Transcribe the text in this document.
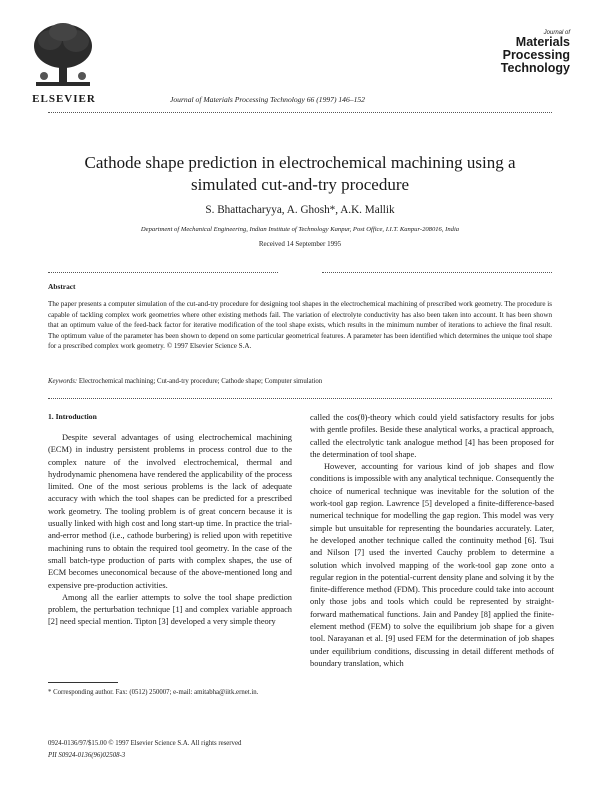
ELSEVIER	Journal of Materials Processing Technology 66 (1997) 146–152
Journal of
Materials
Processing
Technology
Cathode shape prediction in electrochemical machining using a
simulated cut-and-try procedure
S. Bhattacharyya, A. Ghosh*, A.K. Mallik
Department of Mechanical Engineering, Indian Institute of Technology Kanpur, Post Office, I.I.T. Kanpur-208016, India
Received 14 September 1995
Abstract
The paper presents a computer simulation of the cut-and-try procedure for designing tool shapes in the electrochemical machining of prescribed work geometry. The procedure is capable of tackling complex work geometries where other existing methods fail. The variation of electrolyte conductivity has also been taken into account. It has been shown that an optimum value of the feed-back factor for iterative modification of the tool shape exists, which results in the minimum number of iterations to achieve the final result. The optimum value of the parameter has been shown to depend on some particular geometrical features. A parameter has been identified which determines the unique tool shape for a prescribed complex work geometry. © 1997 Elsevier Science S.A.
Keywords: Electrochemical machining; Cut-and-try procedure; Cathode shape; Computer simulation
1. Introduction

Despite several advantages of using electrochemical machining (ECM) in industry persistent problems in process control due to the complex nature of the involved electrochemical, thermal and hydrodynamic phenomena have rendered the applicability of the process limited. One of the most serious problems is the lack of adequate accuracy with which the tool shapes can be predicted for a prescribed work geometry. The tooling problem is of great concern because it is usually linked with high cost and long start-up time. In practice the trial-and-error method (i.e., cathode burbering) is relied upon with repetitive machining runs to obtain the required tool geometry. In the case of the small batch-type production of parts with complex shapes, the use of ECM becomes uneconomical because of the above-mentioned long and expensive pre-production activities.

Among all the earlier attempts to solve the tool shape prediction problem, the perturbation technique [1] and complex variable approach [2] need special mention. Tipton [3] developed a very simple theory

called the cos(θ)-theory which could yield satisfactory results for jobs with gentle profiles. Beside these analytical works, a practical approach, called the electrolytic tank analogue method [4] has been proposed for the determination of tool shape.

However, accounting for various kind of job shapes and flow conditions is impossible with any analytical technique. Consequently the choice of numerical technique was inevitable for the solution of the work-tool gap region. Lawrence [5] developed a finite-difference-based numerical technique for modelling the gap region. This model was very simple but unsuitable for representing the boundaries accurately. Later, he developed another technique called the continuity method [6]. Tsui and Nilson [7] used the inverted Cauchy problem to determine a solution which involved mapping of the work-tool gap zone onto a regular region in the potential-current density plane and solving it by the finite-difference method (FDM). This procedure could take into account only those jobs and tools which could be represented by straight-forward mathematical functions. Jain and Pandey [8] applied the finite-element method (FEM) to solve the equilibrium job shape for a given tool. Narayanan et al. [9] used FEM for the determination of job shapes under equilibrium conditions, discussing in detail different methods of boundary translation, which

* Corresponding author. Fax: (0512) 250007; e-mail: amitabha@iitk.ernet.in.
0924-0136/97/$15.00 © 1997 Elsevier Science S.A. All rights reserved
PII S0924-0136(96)02508-3
